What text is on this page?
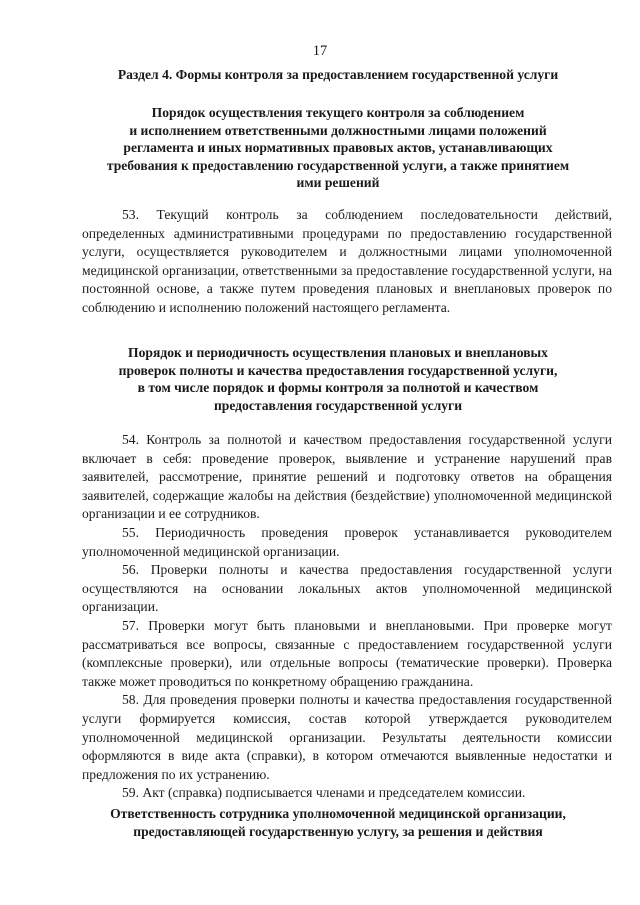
17
Раздел 4. Формы контроля за предоставлением государственной услуги
Порядок осуществления текущего контроля за соблюдением
и исполнением ответственными должностными лицами положений
регламента и иных нормативных правовых актов, устанавливающих
требования к предоставлению государственной услуги, а также принятием
ими решений

53. Текущий контроль за соблюдением последовательности действий, определенных административными процедурами по предоставлению государственной услуги, осуществляется руководителем и должностными лицами уполномоченной медицинской организации, ответственными за предоставление государственной услуги, на постоянной основе, а также путем проведения плановых и внеплановых проверок по соблюдению и исполнению положений настоящего регламента.

Порядок и периодичность осуществления плановых и внеплановых
проверок полноты и качества предоставления государственной услуги,
в том числе порядок и формы контроля за полнотой и качеством
предоставления государственной услуги

54. Контроль за полнотой и качеством предоставления государственной услуги включает в себя: проведение проверок, выявление и устранение нарушений прав заявителей, рассмотрение, принятие решений и подготовку ответов на обращения заявителей, содержащие жалобы на действия (бездействие) уполномоченной медицинской организации и ее сотрудников.

55. Периодичность проведения проверок устанавливается руководителем уполномоченной медицинской организации.

56. Проверки полноты и качества предоставления государственной услуги осуществляются на основании локальных актов уполномоченной медицинской организации.

57. Проверки могут быть плановыми и внеплановыми. При проверке могут рассматриваться все вопросы, связанные с предоставлением государственной услуги (комплексные проверки), или отдельные вопросы (тематические проверки). Проверка также может проводиться по конкретному обращению гражданина.

58. Для проведения проверки полноты и качества предоставления государственной услуги формируется комиссия, состав которой утверждается руководителем уполномоченной медицинской организации. Результаты деятельности комиссии оформляются в виде акта (справки), в котором отмечаются выявленные недостатки и предложения по их устранению.

59. Акт (справка) подписывается членами и председателем комиссии.

Ответственность сотрудника уполномоченной медицинской организации,
предоставляющей государственную услугу, за решения и действия
